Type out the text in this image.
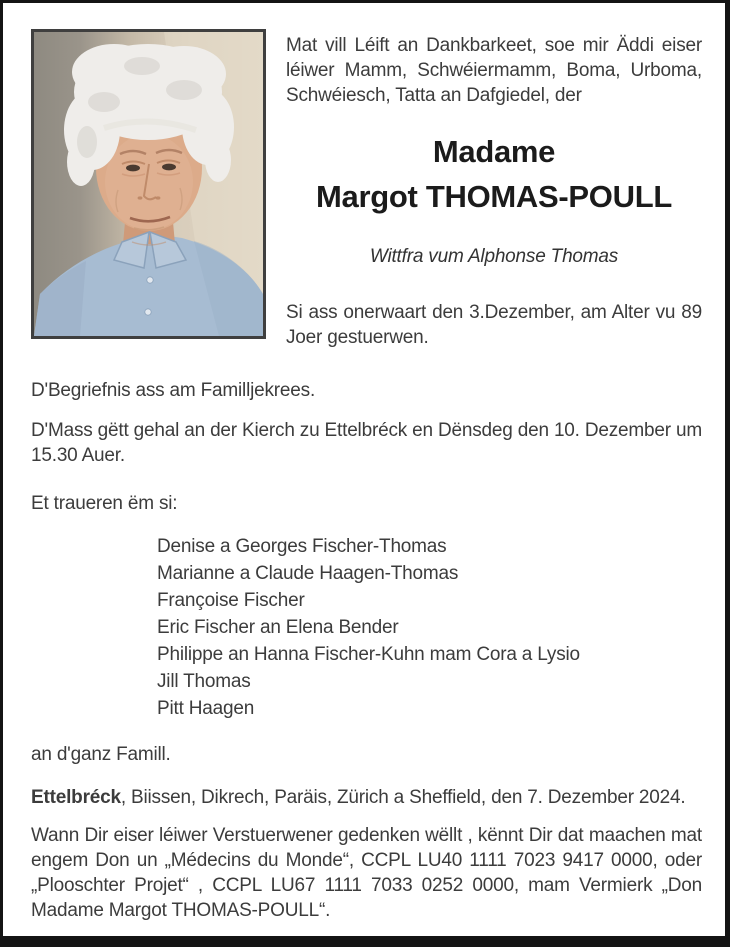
Mat vill Léift an Dankbarkeet, soe mir Äddi eiser léiwer Mamm, Schwéiermamm, Boma, Urboma, Schwéiesch, Tatta an Dafgiedel, der
Madame
Margot THOMAS-POULL
Wittfra vum Alphonse Thomas
Si ass onerwaart den 3.Dezember, am Alter vu 89 Joer gestuerwen.
D'Begriefnis ass am Familljekrees.
D'Mass gëtt gehal an der Kierch zu Ettelbréck en Dënsdeg den 10. Dezember um 15.30 Auer.
Et traueren ëm si:
Denise a Georges Fischer-Thomas
Marianne a Claude Haagen-Thomas
Françoise Fischer
Eric Fischer an Elena Bender
Philippe an Hanna Fischer-Kuhn mam Cora a Lysio
Jill Thomas
Pitt Haagen
an d'ganz Famill.
Ettelbréck, Biissen, Dikrech, Paräis, Zürich a Sheffield, den 7. Dezember 2024.
Wann Dir eiser léiwer Verstuerwener gedenken wëllt , kënnt Dir dat maachen mat engem Don un „Médecins du Monde“, CCPL LU40 1111 7023 9417 0000, oder „Plooschter Projet“ , CCPL LU67 1111 7033 0252 0000, mam Vermierk „Don Madame Margot THOMAS-POULL“.
